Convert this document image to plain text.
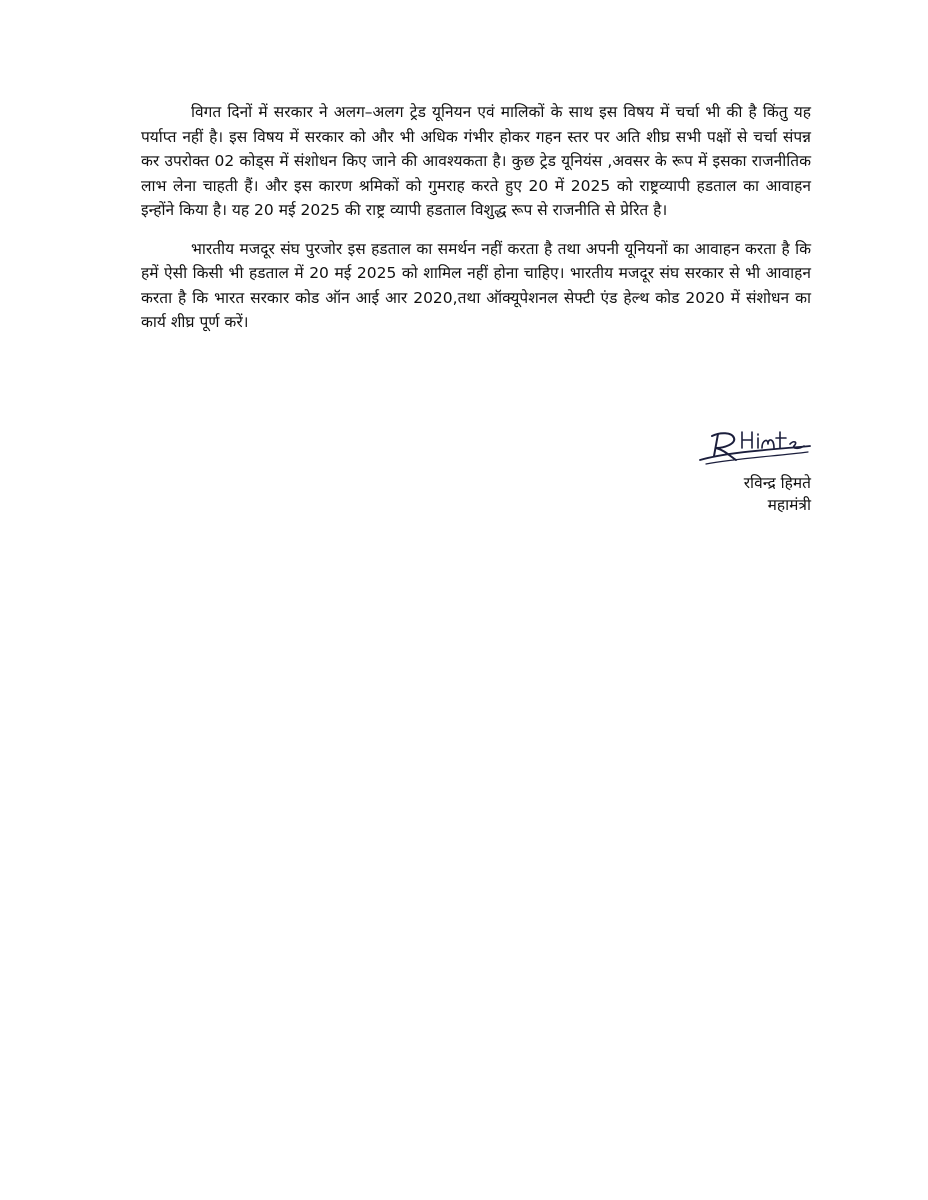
विगत दिनों में सरकार ने अलग–अलग ट्रेड यूनियन एवं मालिकों के साथ इस विषय में चर्चा भी की है किंतु यह पर्याप्त नहीं है। इस विषय में सरकार को और भी अधिक गंभीर होकर गहन स्तर पर अति शीघ्र सभी पक्षों से चर्चा संपन्न कर उपरोक्त 02 कोड्स में संशोधन किए जाने की आवश्यकता है। कुछ ट्रेड यूनियंस ,अवसर के रूप में इसका राजनीतिक लाभ लेना चाहती हैं। और इस कारण श्रमिकों को गुमराह करते हुए 20 में 2025 को राष्ट्रव्यापी हडताल का आवाहन इन्होंने किया है। यह 20 मई 2025 की राष्ट्र व्यापी हडताल विशुद्ध रूप से राजनीति से प्रेरित है।

भारतीय मजदूर संघ पुरजोर इस हडताल का समर्थन नहीं करता है तथा अपनी यूनियनों का आवाहन करता है कि हमें ऐसी किसी भी हडताल में 20 मई 2025 को शामिल नहीं होना चाहिए। भारतीय मजदूर संघ सरकार से भी आवाहन करता है कि भारत सरकार कोड ऑन आई आर 2020,तथा ऑक्यूपेशनल सेफ्टी एंड हेल्थ कोड 2020 में संशोधन का कार्य शीघ्र पूर्ण करें।

रविन्द्र हिमते
महामंत्री
